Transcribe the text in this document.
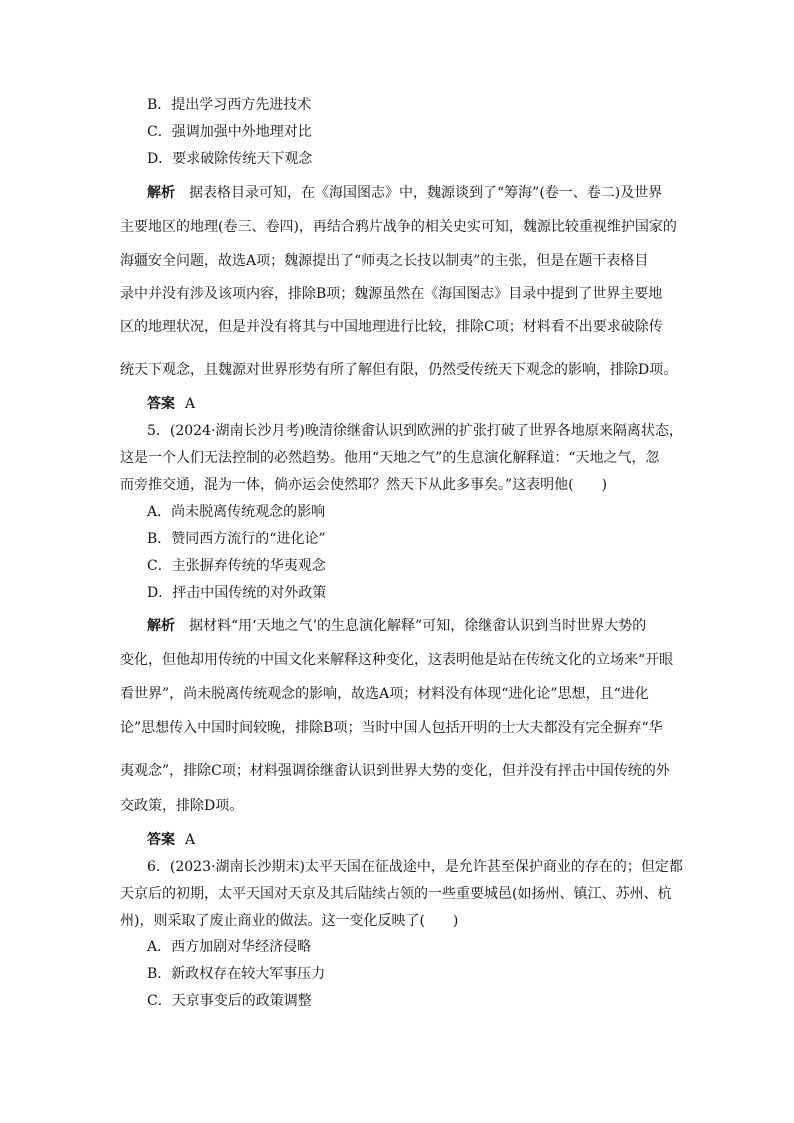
B．提出学习西方先进技术
C．强调加强中外地理对比
D．要求破除传统天下观念
解析 据表格目录可知，在《海国图志》中，魏源谈到了“筹海”(卷一、卷二)及世界
主要地区的地理(卷三、卷四)，再结合鸦片战争的相关史实可知，魏源比较重视维护国家的
海疆安全问题，故选A项；魏源提出了“师夷之长技以制夷”的主张，但是在题干表格目
录中并没有涉及该项内容，排除B项；魏源虽然在《海国图志》目录中提到了世界主要地
区的地理状况，但是并没有将其与中国地理进行比较，排除C项；材料看不出要求破除传
统天下观念，且魏源对世界形势有所了解但有限，仍然受传统天下观念的影响，排除D项。
答案 A
5．(2024·湖南长沙月考)晚清徐继畬认识到欧洲的扩张打破了世界各地原来隔离状态，
这是一个人们无法控制的必然趋势。他用“天地之气”的生息演化解释道：“天地之气，忽
而旁推交通，混为一体，倘亦运会使然耶？然天下从此多事矣。”这表明他(　　)
A．尚未脱离传统观念的影响
B．赞同西方流行的“进化论”
C．主张摒弃传统的华夷观念
D．抨击中国传统的对外政策
解析 据材料“用‘天地之气’的生息演化解释”可知，徐继畬认识到当时世界大势的
变化，但他却用传统的中国文化来解释这种变化，这表明他是站在传统文化的立场来“开眼
看世界”，尚未脱离传统观念的影响，故选A项；材料没有体现“进化论”思想，且“进化
论”思想传入中国时间较晚，排除B项；当时中国人包括开明的士大夫都没有完全摒弃“华
夷观念”，排除C项；材料强调徐继畬认识到世界大势的变化，但并没有抨击中国传统的外
交政策，排除D项。
答案 A
6．(2023·湖南长沙期末)太平天国在征战途中，是允许甚至保护商业的存在的；但定都
天京后的初期，太平天国对天京及其后陆续占领的一些重要城邑(如扬州、镇江、苏州、杭
州)，则采取了废止商业的做法。这一变化反映了(　　)
A．西方加剧对华经济侵略
B．新政权存在较大军事压力
C．天京事变后的政策调整
